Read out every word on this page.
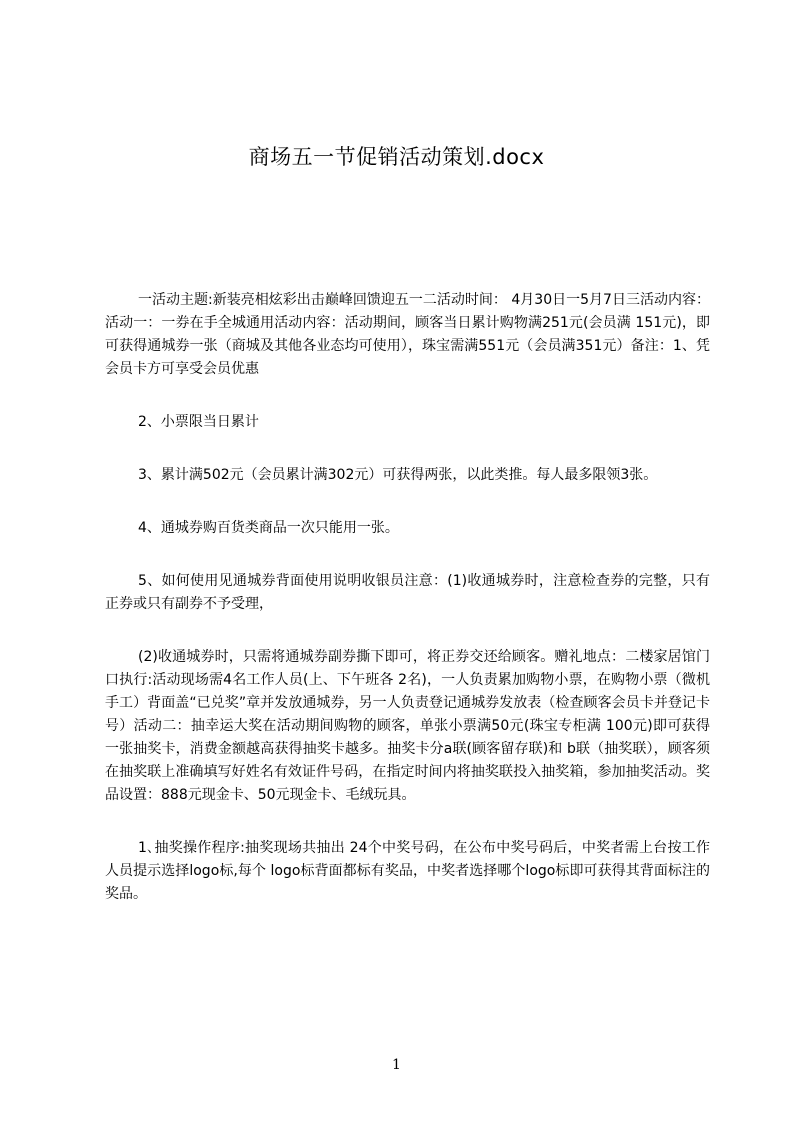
商场五一节促销活动策划.docx

一活动主题:新装亮相炫彩出击巅峰回馈迎五一二活动时间： 4月30日一5月7日三活动内容：活动一：一券在手全城通用活动内容：活动期间，顾客当日累计购物满251元(会员满 151元)，即可获得通城券一张（商城及其他各业态均可使用），珠宝需满551元（会员满351元）备注：1、凭会员卡方可享受会员优惠

2、小票限当日累计

3、累计满502元（会员累计满302元）可获得两张，以此类推。每人最多限领3张。

4、通城券购百货类商品一次只能用一张。

5、如何使用见通城券背面使用说明收银员注意：(1)收通城券时，注意检查券的完整，只有正券或只有副券不予受理，

(2)收通城券时，只需将通城券副券撕下即可，将正券交还给顾客。赠礼地点：二楼家居馆门口执行:活动现场需4名工作人员(上、下午班各 2名)，一人负责累加购物小票，在购物小票（微机手工）背面盖“已兑奖”章并发放通城券，另一人负责登记通城券发放表（检查顾客会员卡并登记卡号）活动二：抽幸运大奖在活动期间购物的顾客，单张小票满50元(珠宝专柜满 100元)即可获得一张抽奖卡，消费金额越高获得抽奖卡越多。抽奖卡分a联(顾客留存联)和 b联（抽奖联），顾客须在抽奖联上准确填写好姓名有效证件号码，在指定时间内将抽奖联投入抽奖箱，参加抽奖活动。奖品设置：888元现金卡、50元现金卡、毛绒玩具。

1､抽奖操作程序:抽奖现场共抽出 24个中奖号码，在公布中奖号码后，中奖者需上台按工作人员提示选择logo标,每个 logo标背面都标有奖品，中奖者选择哪个logo标即可获得其背面标注的奖品。

1
